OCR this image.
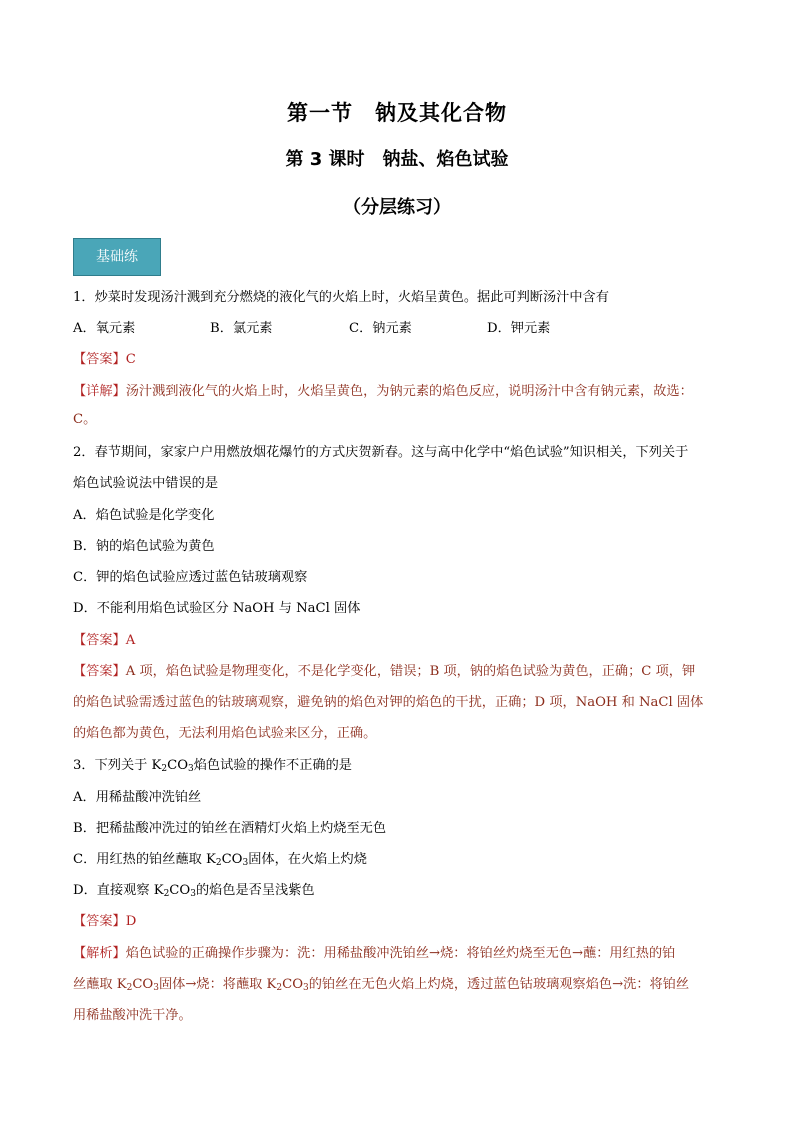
第一节　钠及其化合物
第 3 课时　钠盐、焰色试验
（分层练习）
基础练
1．炒菜时发现汤汁溅到充分燃烧的液化气的火焰上时，火焰呈黄色。据此可判断汤汁中含有
A．氧元素	B．氯元素	C．钠元素	D．钾元素
【答案】C
【详解】汤汁溅到液化气的火焰上时，火焰呈黄色，为钠元素的焰色反应，说明汤汁中含有钠元素，故选：
C。
2．春节期间，家家户户用燃放烟花爆竹的方式庆贺新春。这与高中化学中“焰色试验”知识相关，下列关于
焰色试验说法中错误的是
A．焰色试验是化学变化
B．钠的焰色试验为黄色
C．钾的焰色试验应透过蓝色钴玻璃观察
D．不能利用焰色试验区分 NaOH 与 NaCl 固体
【答案】A
【答案】A 项，焰色试验是物理变化，不是化学变化，错误；B 项，钠的焰色试验为黄色，正确；C 项，钾
的焰色试验需透过蓝色的钴玻璃观察，避免钠的焰色对钾的焰色的干扰，正确；D 项，NaOH 和 NaCl 固体
的焰色都为黄色，无法利用焰色试验来区分，正确。
3．下列关于 $K_2CO_3$焰色试验的操作不正确的是
A．用稀盐酸冲洗铂丝
B．把稀盐酸冲洗过的铂丝在酒精灯火焰上灼烧至无色
C．用红热的铂丝蘸取 $K_2CO_3$固体，在火焰上灼烧
D．直接观察 $K_2CO_3$的焰色是否呈浅紫色
【答案】D
【解析】焰色试验的正确操作步骤为：洗：用稀盐酸冲洗铂丝→烧：将铂丝灼烧至无色→蘸：用红热的铂
丝蘸取 $K_2CO_3$固体→烧：将蘸取 $K_2CO_3$的铂丝在无色火焰上灼烧，透过蓝色钴玻璃观察焰色→洗：将铂丝
用稀盐酸冲洗干净。
